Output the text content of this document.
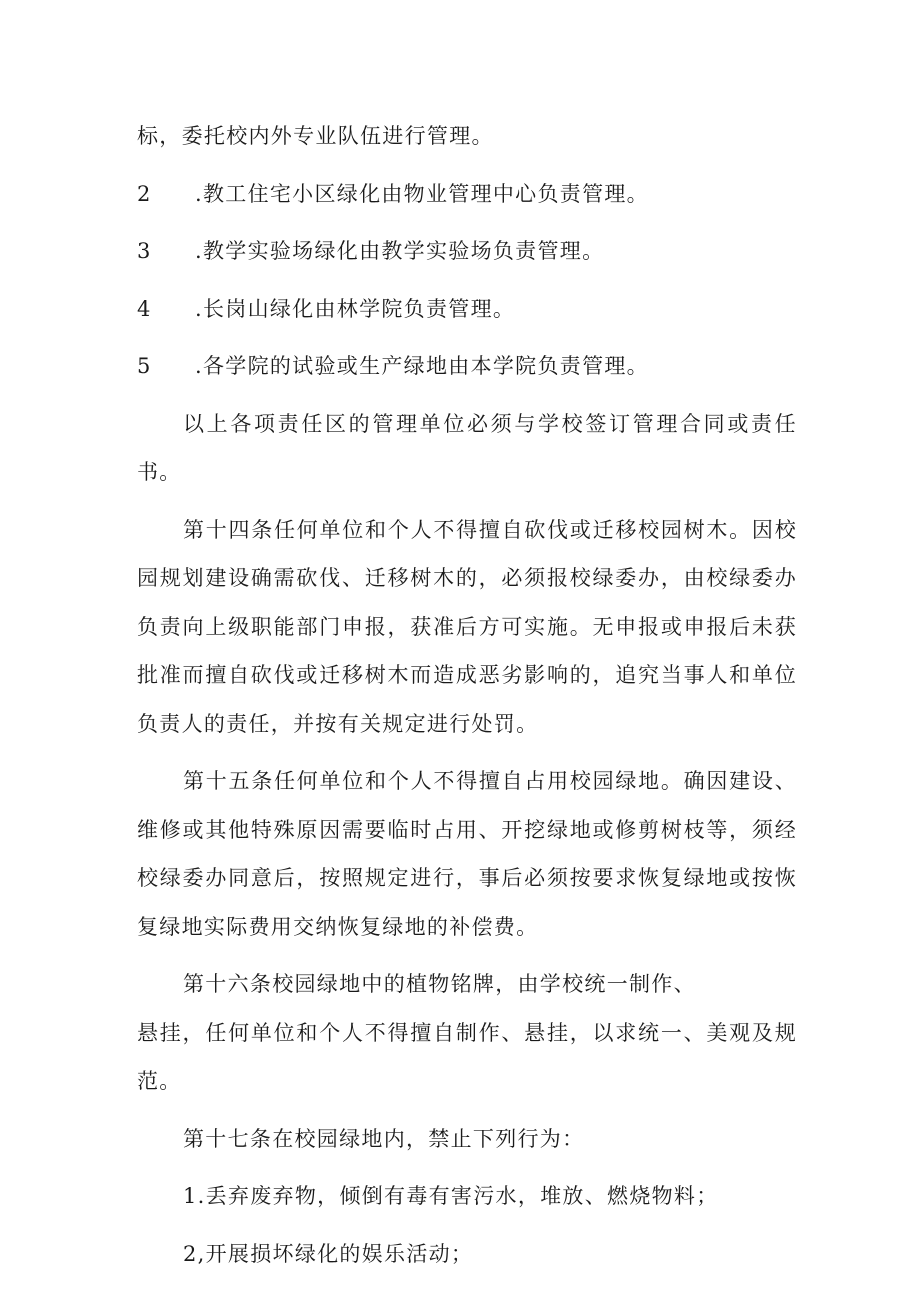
标，委托校内外专业队伍进行管理。

2	.教工住宅小区绿化由物业管理中心负责管理。

3	.教学实验场绿化由教学实验场负责管理。

4	.长岗山绿化由林学院负责管理。

5	.各学院的试验或生产绿地由本学院负责管理。

以上各项责任区的管理单位必须与学校签订管理合同或责任书。

第十四条任何单位和个人不得擅自砍伐或迁移校园树木。因校园规划建设确需砍伐、迁移树木的，必须报校绿委办，由校绿委办负责向上级职能部门申报，获准后方可实施。无申报或申报后未获批准而擅自砍伐或迁移树木而造成恶劣影响的，追究当事人和单位负责人的责任，并按有关规定进行处罚。

第十五条任何单位和个人不得擅自占用校园绿地。确因建设、维修或其他特殊原因需要临时占用、开挖绿地或修剪树枝等，须经校绿委办同意后，按照规定进行，事后必须按要求恢复绿地或按恢复绿地实际费用交纳恢复绿地的补偿费。

第十六条校园绿地中的植物铭牌，由学校统一制作、

悬挂，任何单位和个人不得擅自制作、悬挂，以求统一、美观及规范。

第十七条在校园绿地内，禁止下列行为：

1.丢弃废弃物，倾倒有毒有害污水，堆放、燃烧物料；

2,开展损坏绿化的娱乐活动；
